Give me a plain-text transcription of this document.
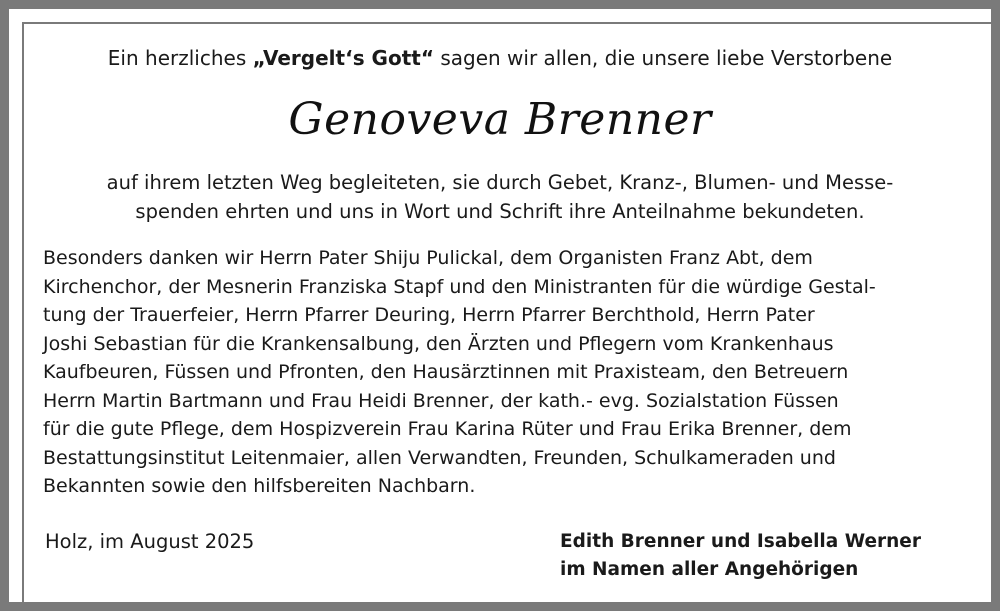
Ein herzliches „Vergelt‘s Gott“ sagen wir allen, die unsere liebe Verstorbene
Genoveva Brenner
auf ihrem letzten Weg begleiteten, sie durch Gebet, Kranz-, Blumen- und Messe-
spenden ehrten und uns in Wort und Schrift ihre Anteilnahme bekundeten.
Besonders danken wir Herrn Pater Shiju Pulickal, dem Organisten Franz Abt, dem
Kirchenchor, der Mesnerin Franziska Stapf und den Ministranten für die würdige Gestal-
tung der Trauerfeier, Herrn Pfarrer Deuring, Herrn Pfarrer Berchthold, Herrn Pater
Joshi Sebastian für die Krankensalbung, den Ärzten und Pflegern vom Krankenhaus
Kaufbeuren, Füssen und Pfronten, den Hausärztinnen mit Praxisteam, den Betreuern
Herrn Martin Bartmann und Frau Heidi Brenner, der kath.- evg. Sozialstation Füssen
für die gute Pflege, dem Hospizverein Frau Karina Rüter und Frau Erika Brenner, dem
Bestattungsinstitut Leitenmaier, allen Verwandten, Freunden, Schulkameraden und
Bekannten sowie den hilfsbereiten Nachbarn.
Holz, im August 2025	Edith Brenner und Isabella Werner
im Namen aller Angehörigen
